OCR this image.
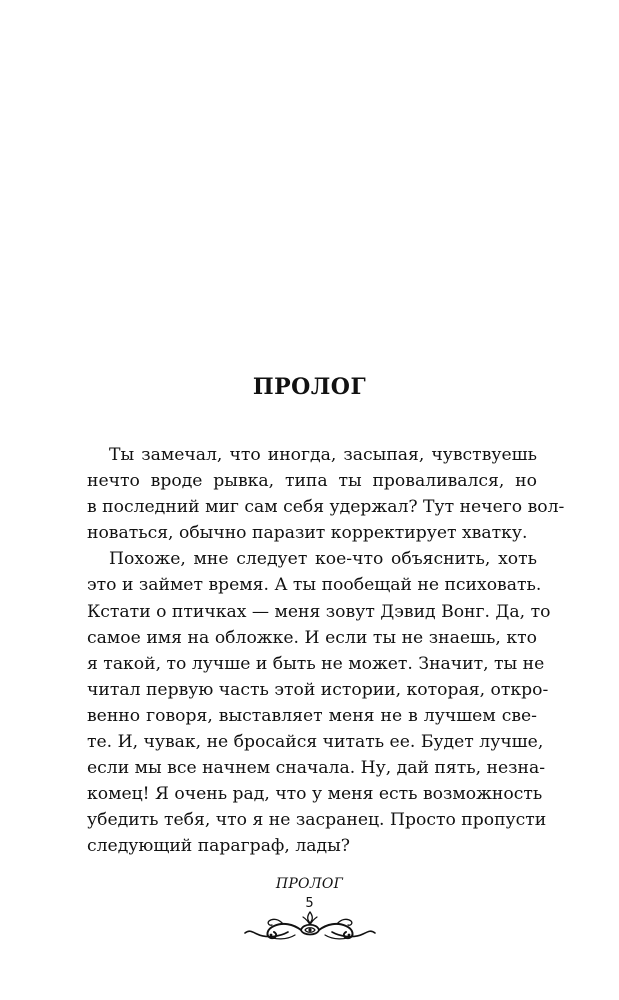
ПРОЛОГ
Ты замечал, что иногда, засыпая, чувствуешь
нечто вроде рывка, типа ты проваливался, но
в последний миг сам себя удержал? Тут нечего вол-
новаться, обычно паразит корректирует хватку.
Похоже, мне следует кое-что объяснить, хоть
это и займет время. А ты пообещай не психовать.
Кстати о птичках — меня зовут Дэвид Вонг. Да, то
самое имя на обложке. И если ты не знаешь, кто
я такой, то лучше и быть не может. Значит, ты не
читал первую часть этой истории, которая, откро-
венно говоря, выставляет меня не в лучшем све-
те. И, чувак, не бросайся читать ее. Будет лучше,
если мы все начнем сначала. Ну, дай пять, незна-
комец! Я очень рад, что у меня есть возможность
убедить тебя, что я не засранец. Просто пропусти
следующий параграф, лады?
ПРОЛОГ
5
